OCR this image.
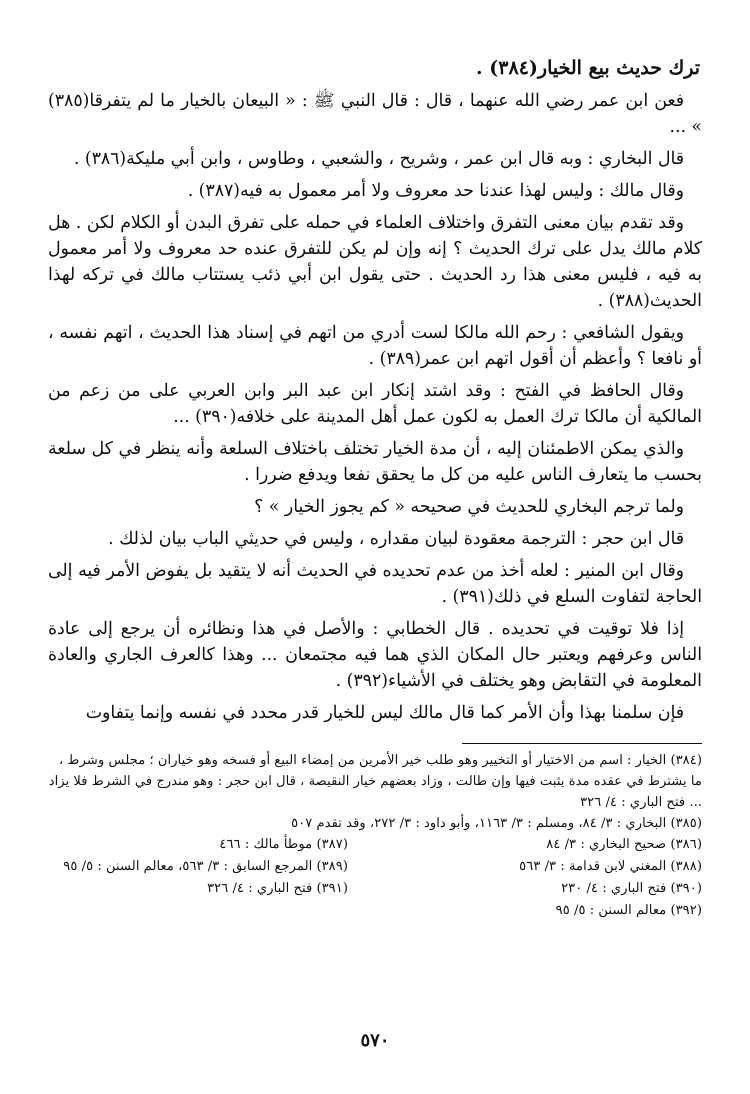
ترك حديث بيع الخيار(٣٨٤) .

فعن ابن عمر رضي الله عنهما ، قال : قال النبي ﷺ : « البيعان بالخيار ما لم يتفرقا(٣٨٥) » ...

قال البخاري : وبه قال ابن عمر ، وشريح ، والشعبي ، وطاوس ، وابن أبي مليكة(٣٨٦) .

وقال مالك : وليس لهذا عندنا حد معروف ولا أمر معمول به فيه(٣٨٧) .

وقد تقدم بيان معنى التفرق واختلاف العلماء في حمله على تفرق البدن أو الكلام لكن . هل كلام مالك يدل على ترك الحديث ؟ إنه وإن لم يكن للتفرق عنده حد معروف ولا أمر معمول به فيه ، فليس معنى هذا رد الحديث . حتى يقول ابن أبي ذئب يستتاب مالك في تركه لهذا الحديث(٣٨٨) .

ويقول الشافعي : رحم الله مالكا لست أدري من اتهم في إسناد هذا الحديث ، اتهم نفسه ، أو نافعا ؟ وأعظم أن أقول اتهم ابن عمر(٣٨٩) .

وقال الحافظ في الفتح : وقد اشتد إنكار ابن عبد البر وابن العربي على من زعم من المالكية أن مالكا ترك العمل به لكون عمل أهل المدينة على خلافه(٣٩٠) ...

والذي يمكن الاطمئنان إليه ، أن مدة الخيار تختلف باختلاف السلعة وأنه ينظر في كل سلعة بحسب ما يتعارف الناس عليه من كل ما يحقق نفعا ويدفع ضررا .

ولما ترجم البخاري للحديث في صحيحه « كم يجوز الخيار » ؟

قال ابن حجر : الترجمة معقودة لبيان مقداره ، وليس في حديثي الباب بيان لذلك .

وقال ابن المنير : لعله أخذ من عدم تحديده في الحديث أنه لا يتقيد بل يفوض الأمر فيه إلى الحاجة لتفاوت السلع في ذلك(٣٩١) .

إذا فلا توقيت في تحديده . قال الخطابي : والأصل في هذا ونظائره أن يرجع إلى عادة الناس وعرفهم ويعتبر حال المكان الذي هما فيه مجتمعان ... وهذا كالعرف الجاري والعادة المعلومة في التقابض وهو يختلف في الأشياء(٣٩٢) .

فإن سلمنا بهذا وأن الأمر كما قال مالك ليس للخيار قدر محدد في نفسه وإنما يتفاوت

(٣٨٤) الخيار : اسم من الاختيار أو التخيير وهو طلب خير الأمرين من إمضاء البيع أو فسخه وهو خياران ؛ مجلس وشرط ، ما يشترط في عقده مدة يثبت فيها وإن طالت ، وزاد بعضهم خيار النقيصة ، قال ابن حجر : وهو مندرج في الشرط فلا يزاد ... فتح الباري : ٤/ ٣٢٦

(٣٨٥) البخاري : ٣/ ٨٤، ومسلم : ٣/ ١١٦٣، وأبو داود : ٣/ ٢٧٢، وقد تقدم ٥٠٧

(٣٨٦) صحيح البخاري : ٣/ ٨٤
(٣٨٧) موطأ مالك : ٤٦٦
(٣٨٨) المغني لابن قدامة : ٣/ ٥٦٣
(٣٨٩) المرجع السابق : ٣/ ٥٦٣، معالم السنن : ٥/ ٩٥
(٣٩٠) فتح الباري : ٤/ ٢٣٠
(٣٩١) فتح الباري : ٤/ ٣٢٦

(٣٩٢) معالم السنن : ٥/ ٩٥

٥٧٠
